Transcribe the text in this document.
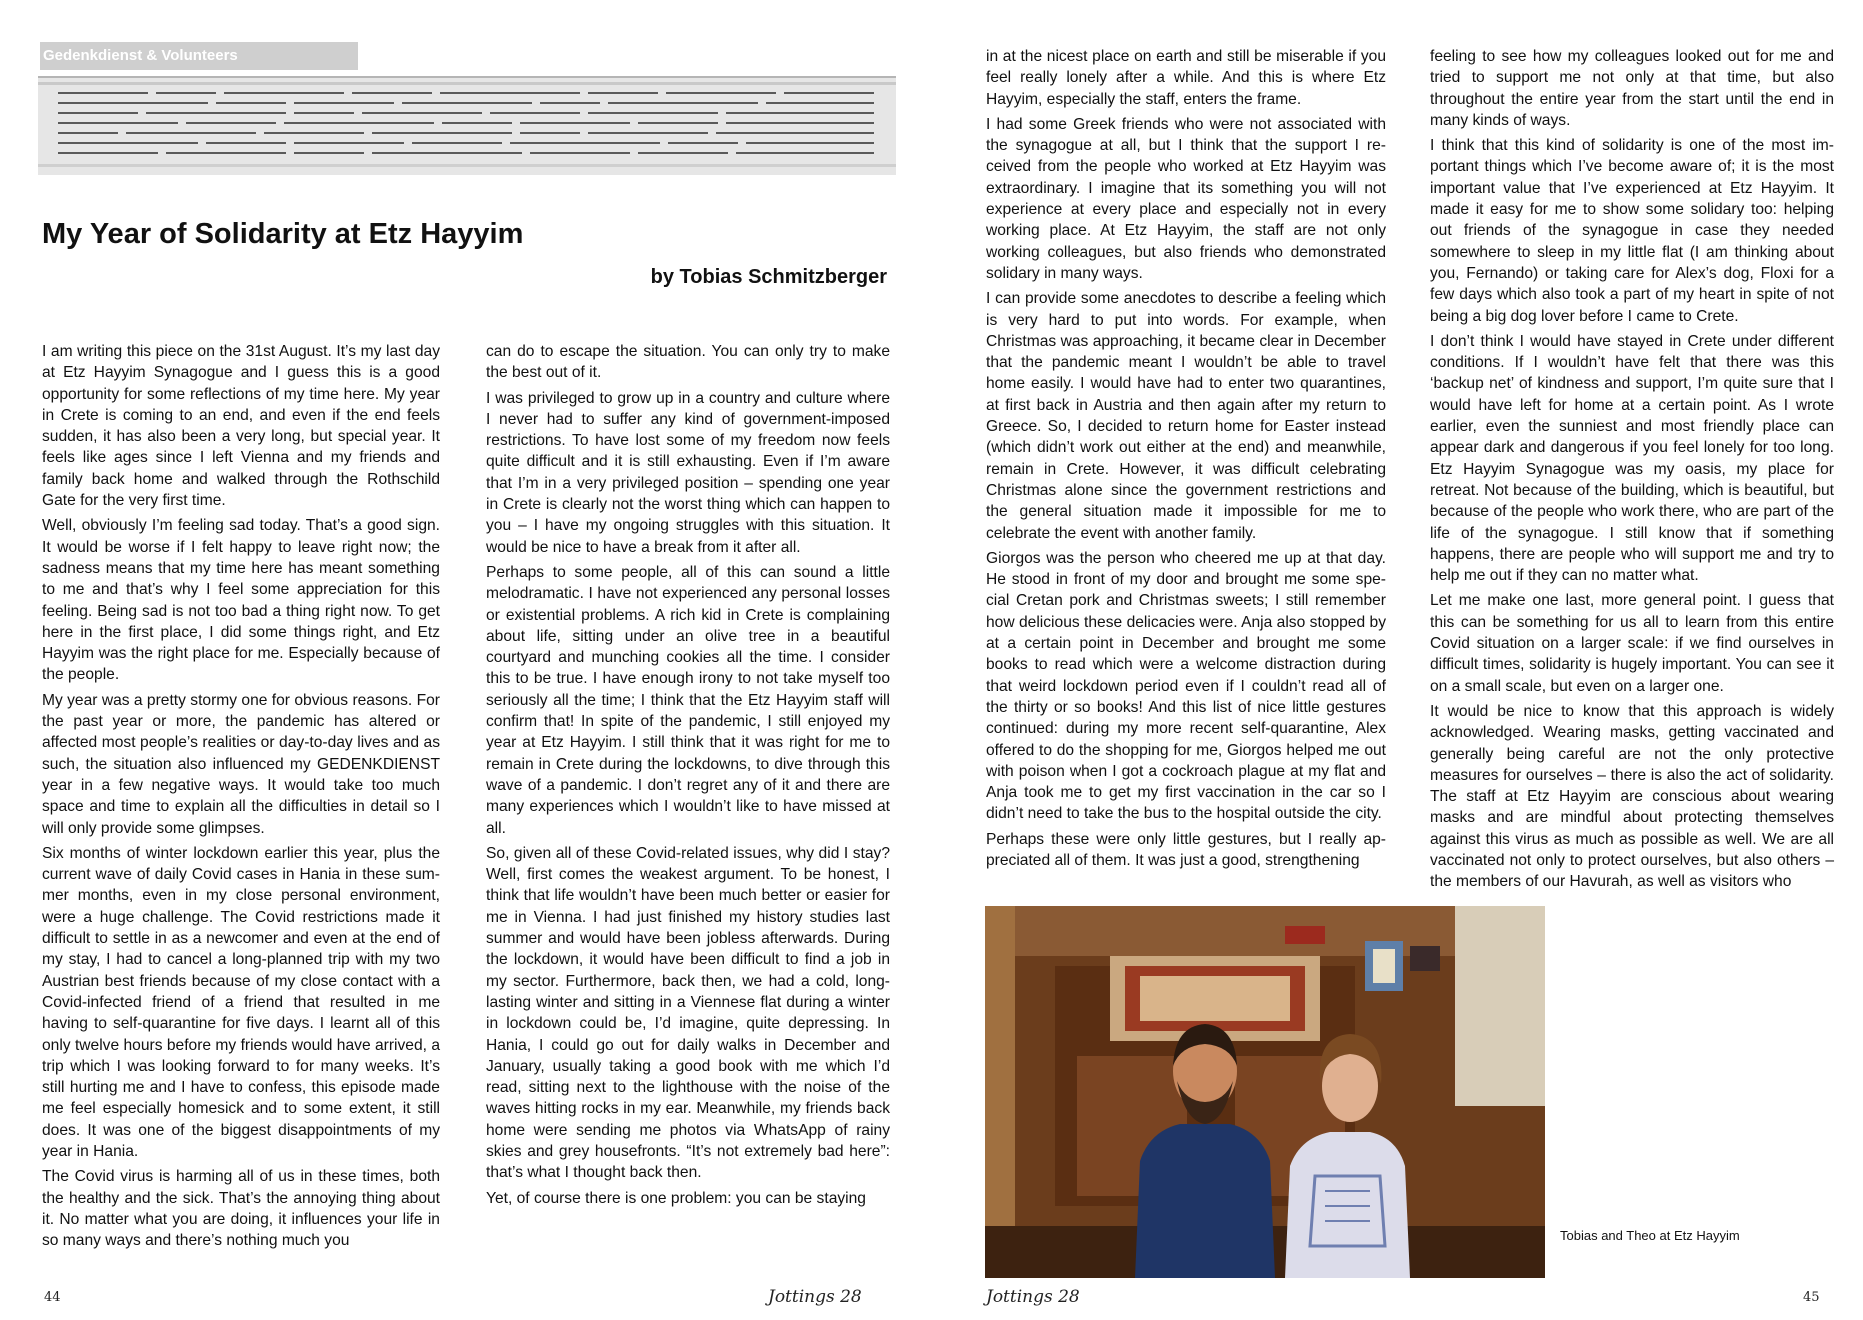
Gedenkdienst & Volunteers
My Year of Solidarity at Etz Hayyim
by Tobias Schmitzberger

I am writing this piece on the 31st August. It’s my last day at Etz Hayyim Synagogue and I guess this is a good opportunity for some reflections of my time here. My year in Crete is coming to an end, and even if the end feels sudden, it has also been a very long, but special year. It feels like ages since I left Vienna and my friends and family back home and walked through the Rothschild Gate for the very first time.

Well, obviously I’m feeling sad today. That’s a good sign. It would be worse if I felt happy to leave right now; the sadness means that my time here has meant something to me and that’s why I feel some appreciation for this feeling. Being sad is not too bad a thing right now. To get here in the first place, I did some things right, and Etz Hayyim was the right place for me. Especially because of the people.

My year was a pretty stormy one for obvious reasons. For the past year or more, the pandemic has altered or affected most people’s realities or day-to-day lives and as such, the situation also influenced my GEDENKDIENST year in a few negative ways. It would take too much space and time to explain all the difficulties in detail so I will only provide some glimpses.

Six months of winter lockdown earlier this year, plus the current wave of daily Covid cases in Hania in these summer months, even in my close personal environment, were a huge challenge. The Covid restrictions made it difficult to settle in as a newcomer and even at the end of my stay, I had to cancel a long-planned trip with my two Austrian best friends because of my close contact with a Covid-infected friend of a friend that resulted in me having to self-quarantine for five days. I learnt all of this only twelve hours before my friends would have arrived, a trip which I was looking forward to for many weeks. It’s still hurting me and I have to confess, this episode made me feel especially homesick and to some extent, it still does. It was one of the biggest disappointments of my year in Hania.

The Covid virus is harming all of us in these times, both the healthy and the sick. That’s the annoying thing about it. No matter what you are doing, it influences your life in so many ways and there’s nothing much you

can do to escape the situation. You can only try to make the best out of it.

I was privileged to grow up in a country and culture where I never had to suffer any kind of government-imposed restrictions. To have lost some of my freedom now feels quite difficult and it is still exhausting. Even if I’m aware that I’m in a very privileged position – spending one year in Crete is clearly not the worst thing which can happen to you – I have my ongoing struggles with this situation. It would be nice to have a break from it after all.

Perhaps to some people, all of this can sound a little melodramatic. I have not experienced any personal losses or existential problems. A rich kid in Crete is complaining about life, sitting under an olive tree in a beautiful courtyard and munching cookies all the time. I consider this to be true. I have enough irony to not take myself too seriously all the time; I think that the Etz Hayyim staff will confirm that! In spite of the pandemic, I still enjoyed my year at Etz Hayyim. I still think that it was right for me to remain in Crete during the lockdowns, to dive through this wave of a pandemic. I don’t regret any of it and there are many experiences which I wouldn’t like to have missed at all.

So, given all of these Covid-related issues, why did I stay? Well, first comes the weakest argument. To be honest, I think that life wouldn’t have been much better or easier for me in Vienna. I had just finished my history studies last summer and would have been jobless afterwards. During the lockdown, it would have been difficult to find a job in my sector. Furthermore, back then, we had a cold, long-lasting winter and sitting in a Viennese flat during a winter in lockdown could be, I’d imagine, quite depressing. In Hania, I could go out for daily walks in December and January, usually taking a good book with me which I’d read, sitting next to the lighthouse with the noise of the waves hitting rocks in my ear. Meanwhile, my friends back home were sending me photos via WhatsApp of rainy skies and grey housefronts. “It’s not extremely bad here”: that’s what I thought back then.

Yet, of course there is one problem: you can be staying

44	Jottings 28

in at the nicest place on earth and still be miserable if you feel really lonely after a while. And this is where Etz Hayyim, especially the staff, enters the frame.

I had some Greek friends who were not associated with the synagogue at all, but I think that the support I received from the people who worked at Etz Hayyim was extraordinary. I imagine that its something you will not experience at every place and especially not in every working place. At Etz Hayyim, the staff are not only working colleagues, but also friends who demonstrated solidary in many ways.

I can provide some anecdotes to describe a feeling which is very hard to put into words. For example, when Christmas was approaching, it became clear in December that the pandemic meant I wouldn’t be able to travel home easily. I would have had to enter two quarantines, at first back in Austria and then again after my return to Greece. So, I decided to return home for Easter instead (which didn’t work out either at the end) and meanwhile, remain in Crete. However, it was difficult celebrating Christmas alone since the government restrictions and the general situation made it impossible for me to celebrate the event with another family.

Giorgos was the person who cheered me up at that day. He stood in front of my door and brought me some special Cretan pork and Christmas sweets; I still remember how delicious these delicacies were. Anja also stopped by at a certain point in December and brought me some books to read which were a welcome distraction during that weird lockdown period even if I couldn’t read all of the thirty or so books! And this list of nice little gestures continued: during my more recent self-quarantine, Alex offered to do the shopping for me, Giorgos helped me out with poison when I got a cockroach plague at my flat and Anja took me to get my first vaccination in the car so I didn’t need to take the bus to the hospital outside the city.

Perhaps these were only little gestures, but I really appreciated all of them. It was just a good, strengthening

feeling to see how my colleagues looked out for me and tried to support me not only at that time, but also throughout the entire year from the start until the end in many kinds of ways.

I think that this kind of solidarity is one of the most important things which I’ve become aware of; it is the most important value that I’ve experienced at Etz Hayyim. It made it easy for me to show some solidary too: helping out friends of the synagogue in case they needed somewhere to sleep in my little flat (I am thinking about you, Fernando) or taking care for Alex’s dog, Floxi for a few days which also took a part of my heart in spite of not being a big dog lover before I came to Crete.

I don’t think I would have stayed in Crete under different conditions. If I wouldn’t have felt that there was this ‘backup net’ of kindness and support, I’m quite sure that I would have left for home at a certain point. As I wrote earlier, even the sunniest and most friendly place can appear dark and dangerous if you feel lonely for too long. Etz Hayyim Synagogue was my oasis, my place for retreat. Not because of the building, which is beautiful, but because of the people who work there, who are part of the life of the synagogue. I still know that if something happens, there are people who will support me and try to help me out if they can no matter what.

Let me make one last, more general point. I guess that this can be something for us all to learn from this entire Covid situation on a larger scale: if we find ourselves in difficult times, solidarity is hugely important. You can see it on a small scale, but even on a larger one.

It would be nice to know that this approach is widely acknowledged. Wearing masks, getting vaccinated and generally being careful are not the only protective measures for ourselves – there is also the act of solidarity. The staff at Etz Hayyim are conscious about wearing masks and are mindful about protecting themselves against this virus as much as possible as well. We are all vaccinated not only to protect ourselves, but also others – the members of our Havurah, as well as visitors who

Tobias and Theo at Etz Hayyim
Jottings 28	45
